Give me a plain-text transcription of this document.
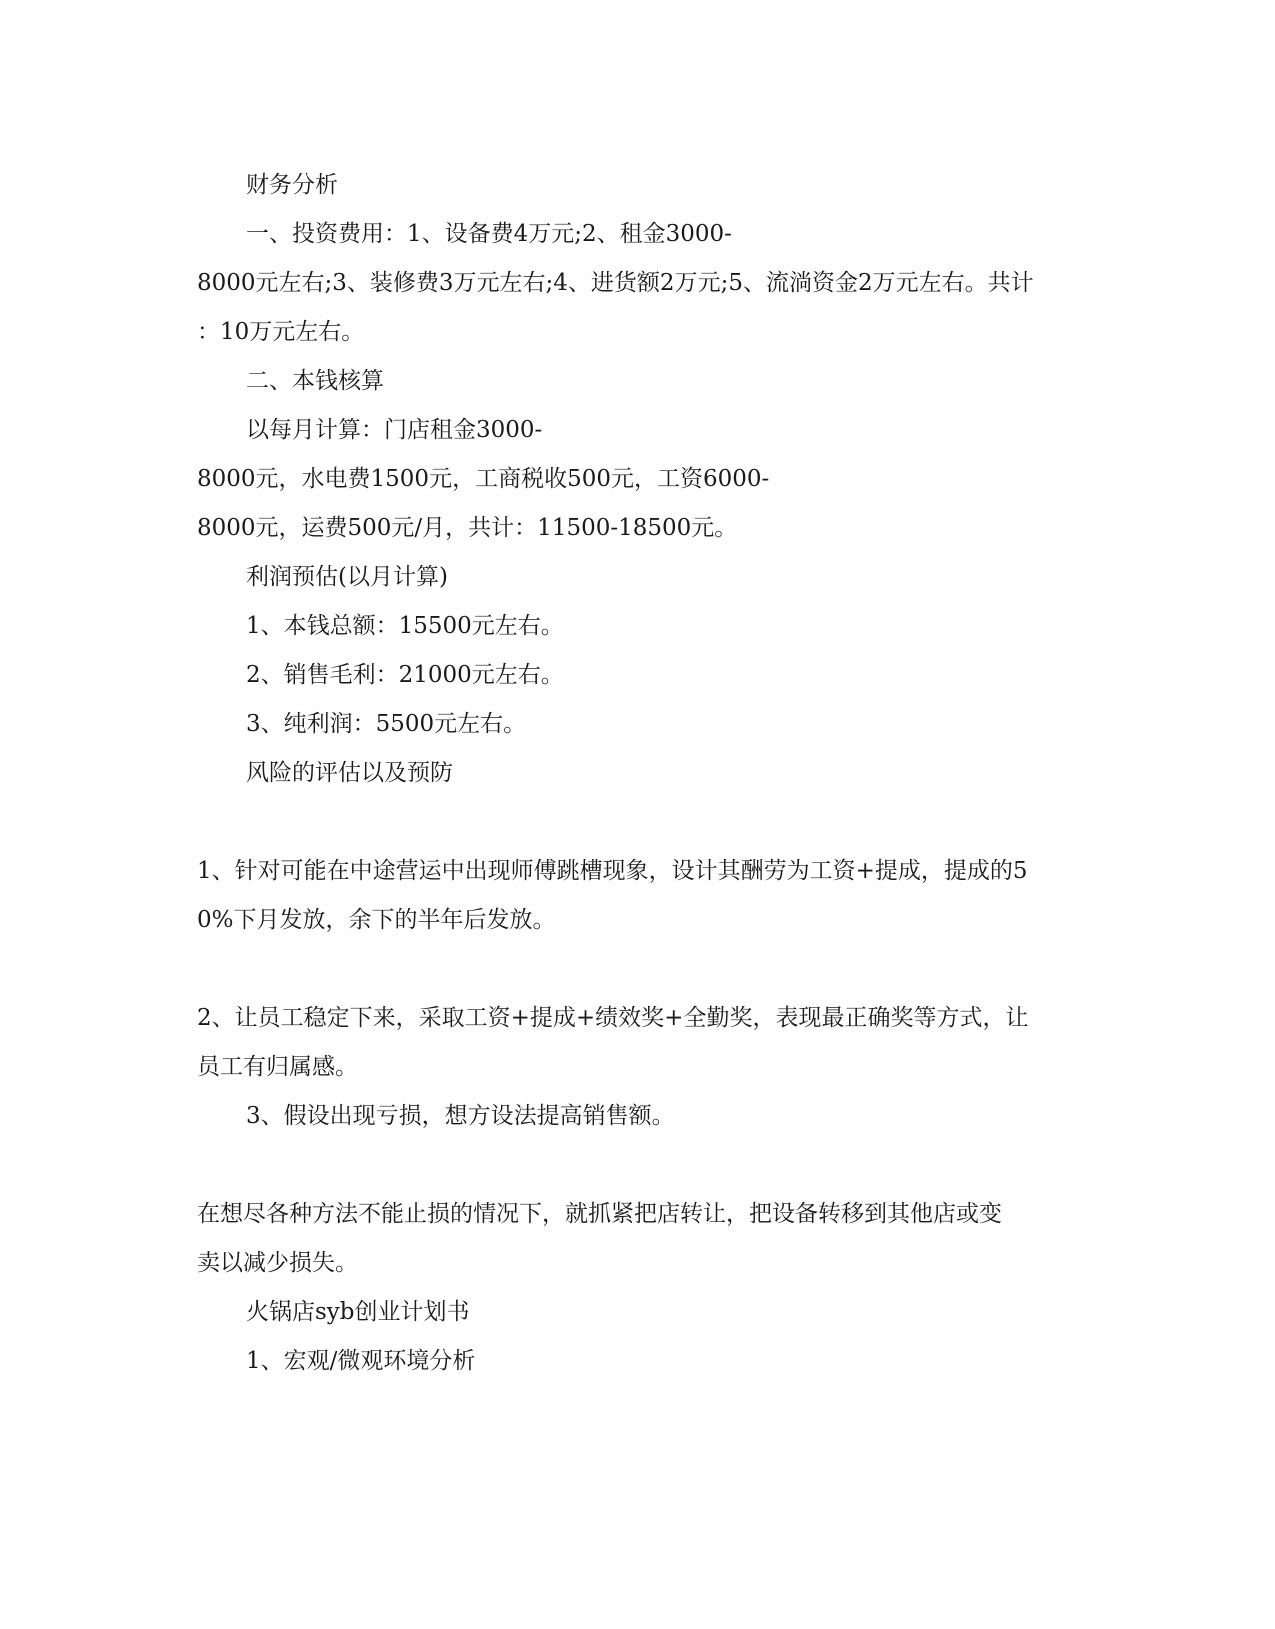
财务分析

一、投资费用：1、设备费4万元;2、租金3000-

8000元左右;3、装修费3万元左右;4、进货额2万元;5、流淌资金2万元左右。共计

：10万元左右。

二、本钱核算

以每月计算：门店租金3000-

8000元，水电费1500元，工商税收500元，工资6000-

8000元，运费500元/月，共计：11500-18500元。

利润预估(以月计算)

1、本钱总额：15500元左右。

2、销售毛利：21000元左右。

3、纯利润：5500元左右。

风险的评估以及预防

1、针对可能在中途营运中出现师傅跳槽现象，设计其酬劳为工资+提成，提成的5

0%下月发放，余下的半年后发放。

2、让员工稳定下来，采取工资+提成+绩效奖+全勤奖，表现最正确奖等方式，让

员工有归属感。

3、假设出现亏损，想方设法提高销售额。

在想尽各种方法不能止损的情况下，就抓紧把店转让，把设备转移到其他店或变

卖以减少损失。

火锅店syb创业计划书

1、宏观/微观环境分析
